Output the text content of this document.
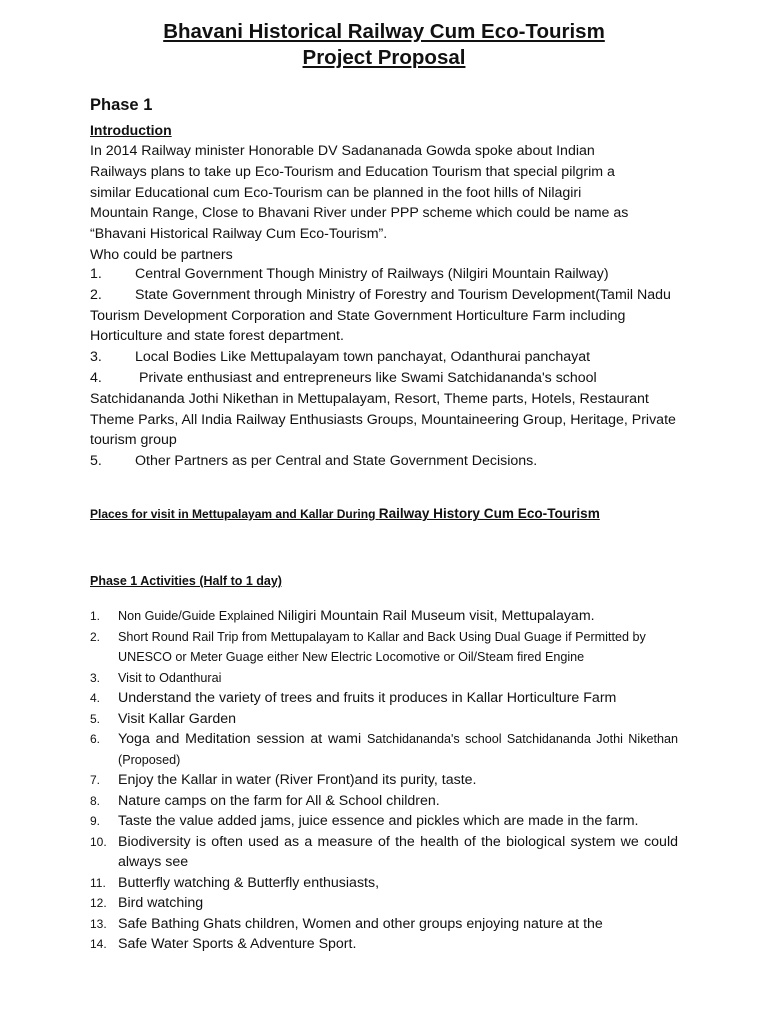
Bhavani Historical Railway Cum Eco-Tourism
Project Proposal
Phase 1
Introduction
In 2014 Railway minister Honorable DV Sadananada Gowda spoke about Indian
Railways plans to take up Eco-Tourism and Education Tourism that special pilgrim a
similar Educational cum Eco-Tourism can be planned in the foot hills of Nilagiri
Mountain Range, Close to Bhavani River under PPP scheme which could be name as
“Bhavani Historical Railway Cum Eco-Tourism”.
Who could be partners

1. Central Government Though Ministry of Railways (Nilgiri Mountain Railway)

2. State Government through Ministry of Forestry and Tourism Development(Tamil Nadu Tourism Development Corporation and State Government Horticulture Farm including Horticulture and state forest department.

3. Local Bodies Like Mettupalayam town panchayat, Odanthurai panchayat

4. Private enthusiast and entrepreneurs like Swami Satchidananda's school Satchidananda Jothi Nikethan in Mettupalayam, Resort, Theme parts, Hotels, Restaurant Theme Parks, All India Railway Enthusiasts Groups, Mountaineering Group, Heritage, Private tourism group

5. Other Partners as per Central and State Government Decisions.

Places for visit in Mettupalayam and Kallar During Railway History Cum Eco-Tourism
Phase 1 Activities (Half to 1 day)
1. Non Guide/Guide Explained Niligiri Mountain Rail Museum visit, Mettupalayam.
2. Short Round Rail Trip from Mettupalayam to Kallar and Back Using Dual Guage if Permitted by UNESCO or Meter Guage either New Electric Locomotive or Oil/Steam fired Engine
3. Visit to Odanthurai
4. Understand the variety of trees and fruits it produces in Kallar Horticulture Farm
5. Visit Kallar Garden
6. Yoga and Meditation session at wami Satchidananda's school Satchidananda Jothi Nikethan (Proposed)
7. Enjoy the Kallar in water (River Front)and its purity, taste.
8. Nature camps on the farm for All & School children.
9. Taste the value added jams, juice essence and pickles which are made in the farm.
10. Biodiversity is often used as a measure of the health of the biological system we could always see
11. Butterfly watching & Butterfly enthusiasts,
12. Bird watching
13. Safe Bathing Ghats children, Women and other groups enjoying nature at the
14. Safe Water Sports & Adventure Sport.
